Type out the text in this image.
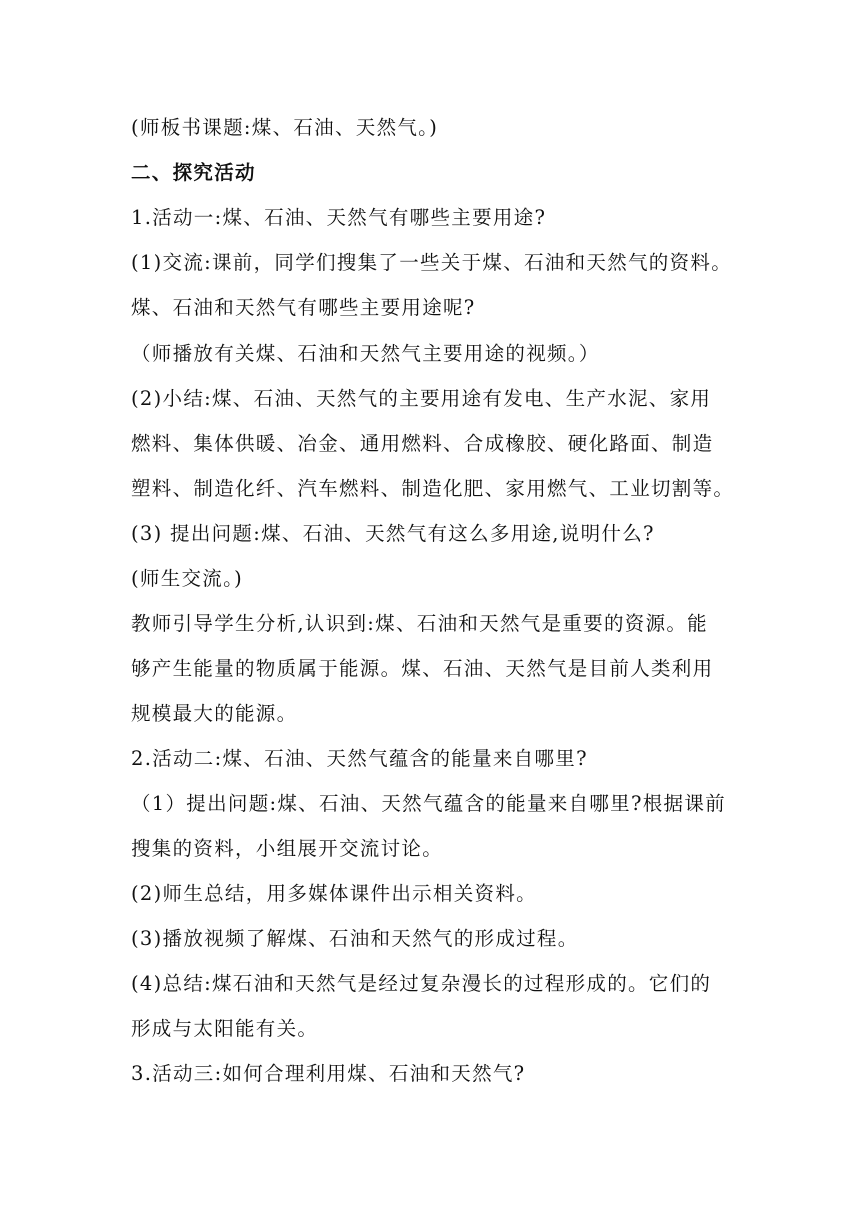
(师板书课题:煤、石油、天然气。)
二、探究活动
1.活动一:煤、石油、天然气有哪些主要用途?
(1)交流:课前，同学们搜集了一些关于煤、石油和天然气的资料。
煤、石油和天然气有哪些主要用途呢?
（师播放有关煤、石油和天然气主要用途的视频。）
(2)小结:煤、石油、天然气的主要用途有发电、生产水泥、家用
燃料、集体供暖、冶金、通用燃料、合成橡胶、硬化路面、制造
塑料、制造化纤、汽车燃料、制造化肥、家用燃气、工业切割等。
(3) 提出问题:煤、石油、天然气有这么多用途,说明什么?
(师生交流。)
教师引导学生分析,认识到:煤、石油和天然气是重要的资源。能
够产生能量的物质属于能源。煤、石油、天然气是目前人类利用
规模最大的能源。
2.活动二:煤、石油、天然气蕴含的能量来自哪里?
（1）提出问题:煤、石油、天然气蕴含的能量来自哪里?根据课前
搜集的资料，小组展开交流讨论。
(2)师生总结，用多媒体课件出示相关资料。
(3)播放视频了解煤、石油和天然气的形成过程。
(4)总结:煤石油和天然气是经过复杂漫长的过程形成的。它们的
形成与太阳能有关。
3.活动三:如何合理利用煤、石油和天然气?
